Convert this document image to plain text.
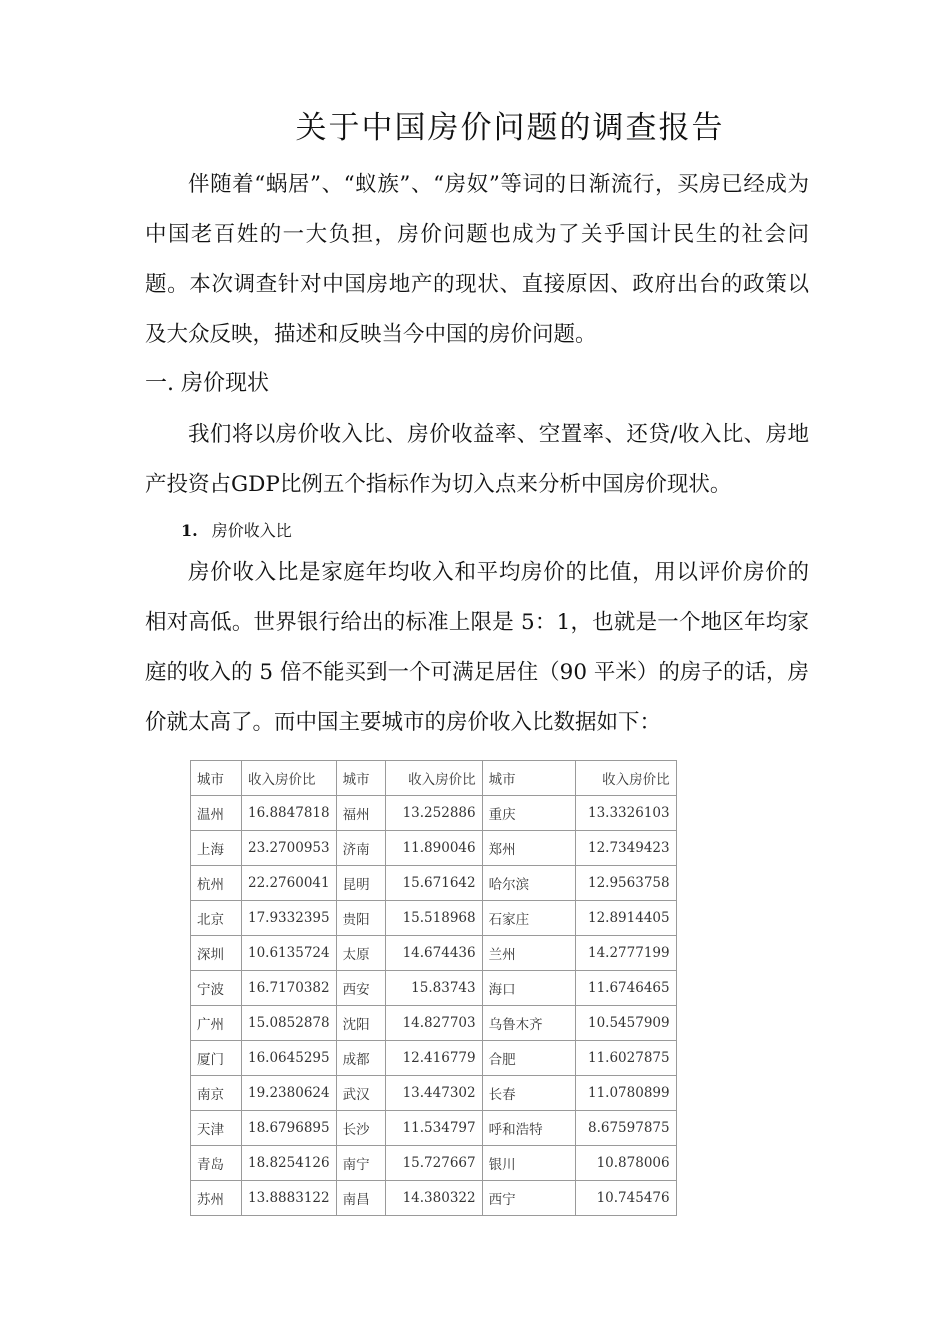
关于中国房价问题的调查报告

伴随着“蜗居”、“蚁族”、“房奴”等词的日渐流行，买房已经成为中国老百姓的一大负担，房价问题也成为了关乎国计民生的社会问题。本次调查针对中国房地产的现状、直接原因、政府出台的政策以及大众反映，描述和反映当今中国的房价问题。

一. 房价现状

我们将以房价收入比、房价收益率、空置率、还贷/收入比、房地产投资占GDP比例五个指标作为切入点来分析中国房价现状。

1. 房价收入比

房价收入比是家庭年均收入和平均房价的比值，用以评价房价的相对高低。世界银行给出的标准上限是 5：1，也就是一个地区年均家庭的收入的 5 倍不能买到一个可满足居住（90 平米）的房子的话，房价就太高了。而中国主要城市的房价收入比数据如下：

城市	收入房价比	城市	收入房价比	城市	收入房价比
温州	16.8847818	福州	13.252886	重庆	13.3326103
上海	23.2700953	济南	11.890046	郑州	12.7349423
杭州	22.2760041	昆明	15.671642	哈尔滨	12.9563758
北京	17.9332395	贵阳	15.518968	石家庄	12.8914405
深圳	10.6135724	太原	14.674436	兰州	14.2777199
宁波	16.7170382	西安	15.83743	海口	11.6746465
广州	15.0852878	沈阳	14.827703	乌鲁木齐	10.5457909
厦门	16.0645295	成都	12.416779	合肥	11.6027875
南京	19.2380624	武汉	13.447302	长春	11.0780899
天津	18.6796895	长沙	11.534797	呼和浩特	8.67597875
青岛	18.8254126	南宁	15.727667	银川	10.878006
苏州	13.8883122	南昌	14.380322	西宁	10.745476
